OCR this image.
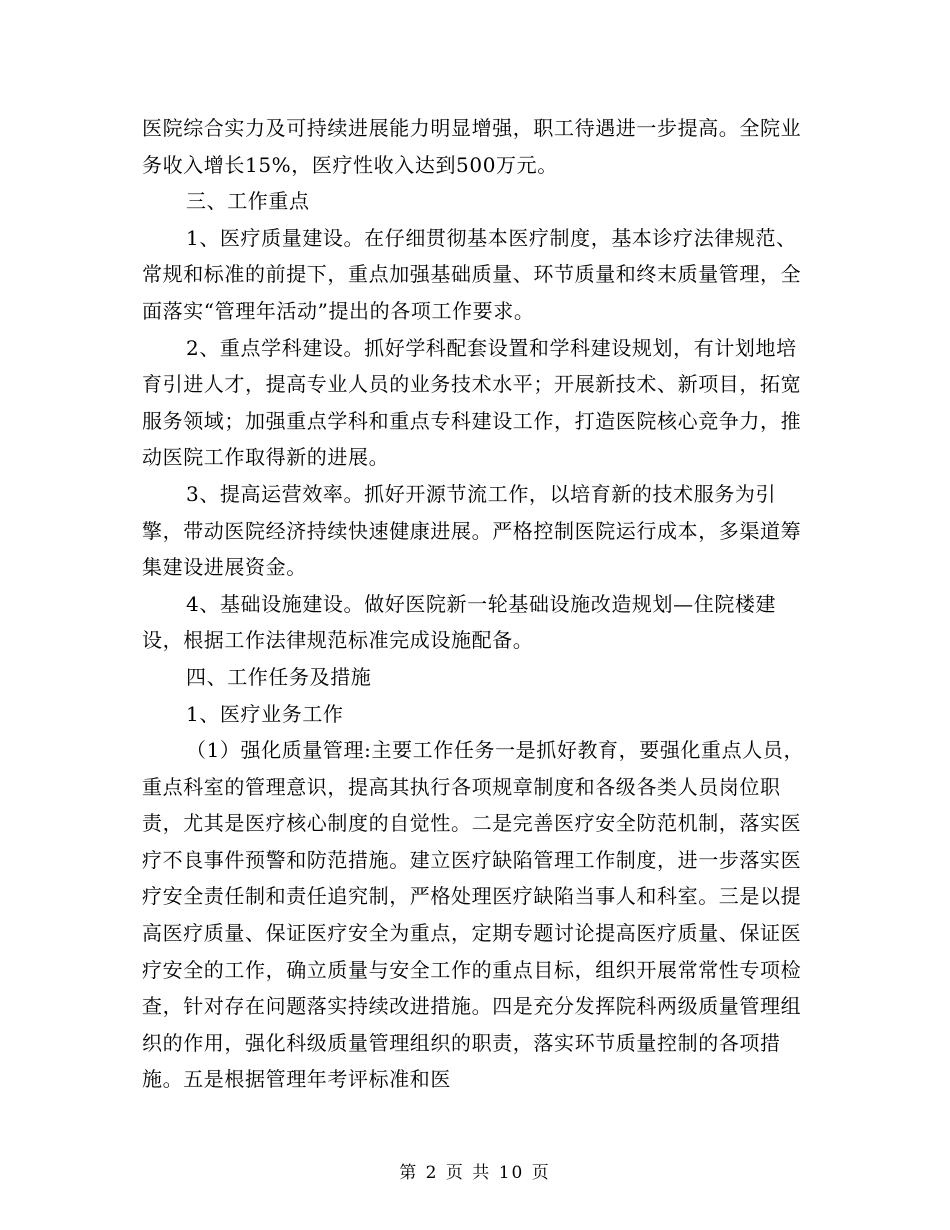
医院综合实力及可持续进展能力明显增强，职工待遇进一步提高。全院业务收入增长15%，医疗性收入达到500万元。

三、工作重点

1、医疗质量建设。在仔细贯彻基本医疗制度，基本诊疗法律规范、常规和标准的前提下，重点加强基础质量、环节质量和终末质量管理，全面落实“管理年活动”提出的各项工作要求。

2、重点学科建设。抓好学科配套设置和学科建设规划，有计划地培育引进人才，提高专业人员的业务技术水平；开展新技术、新项目，拓宽服务领域；加强重点学科和重点专科建设工作，打造医院核心竞争力，推动医院工作取得新的进展。

3、提高运营效率。抓好开源节流工作，以培育新的技术服务为引擎，带动医院经济持续快速健康进展。严格控制医院运行成本，多渠道筹集建设进展资金。

4、基础设施建设。做好医院新一轮基础设施改造规划—住院楼建设，根据工作法律规范标准完成设施配备。

四、工作任务及措施

1、医疗业务工作

（1）强化质量管理:主要工作任务一是抓好教育，要强化重点人员，重点科室的管理意识，提高其执行各项规章制度和各级各类人员岗位职责，尤其是医疗核心制度的自觉性。二是完善医疗安全防范机制，落实医疗不良事件预警和防范措施。建立医疗缺陷管理工作制度，进一步落实医疗安全责任制和责任追究制，严格处理医疗缺陷当事人和科室。三是以提高医疗质量、保证医疗安全为重点，定期专题讨论提高医疗质量、保证医疗安全的工作，确立质量与安全工作的重点目标，组织开展常常性专项检查，针对存在问题落实持续改进措施。四是充分发挥院科两级质量管理组织的作用，强化科级质量管理组织的职责，落实环节质量控制的各项措施。五是根据管理年考评标准和医

第 2 页 共 10 页
